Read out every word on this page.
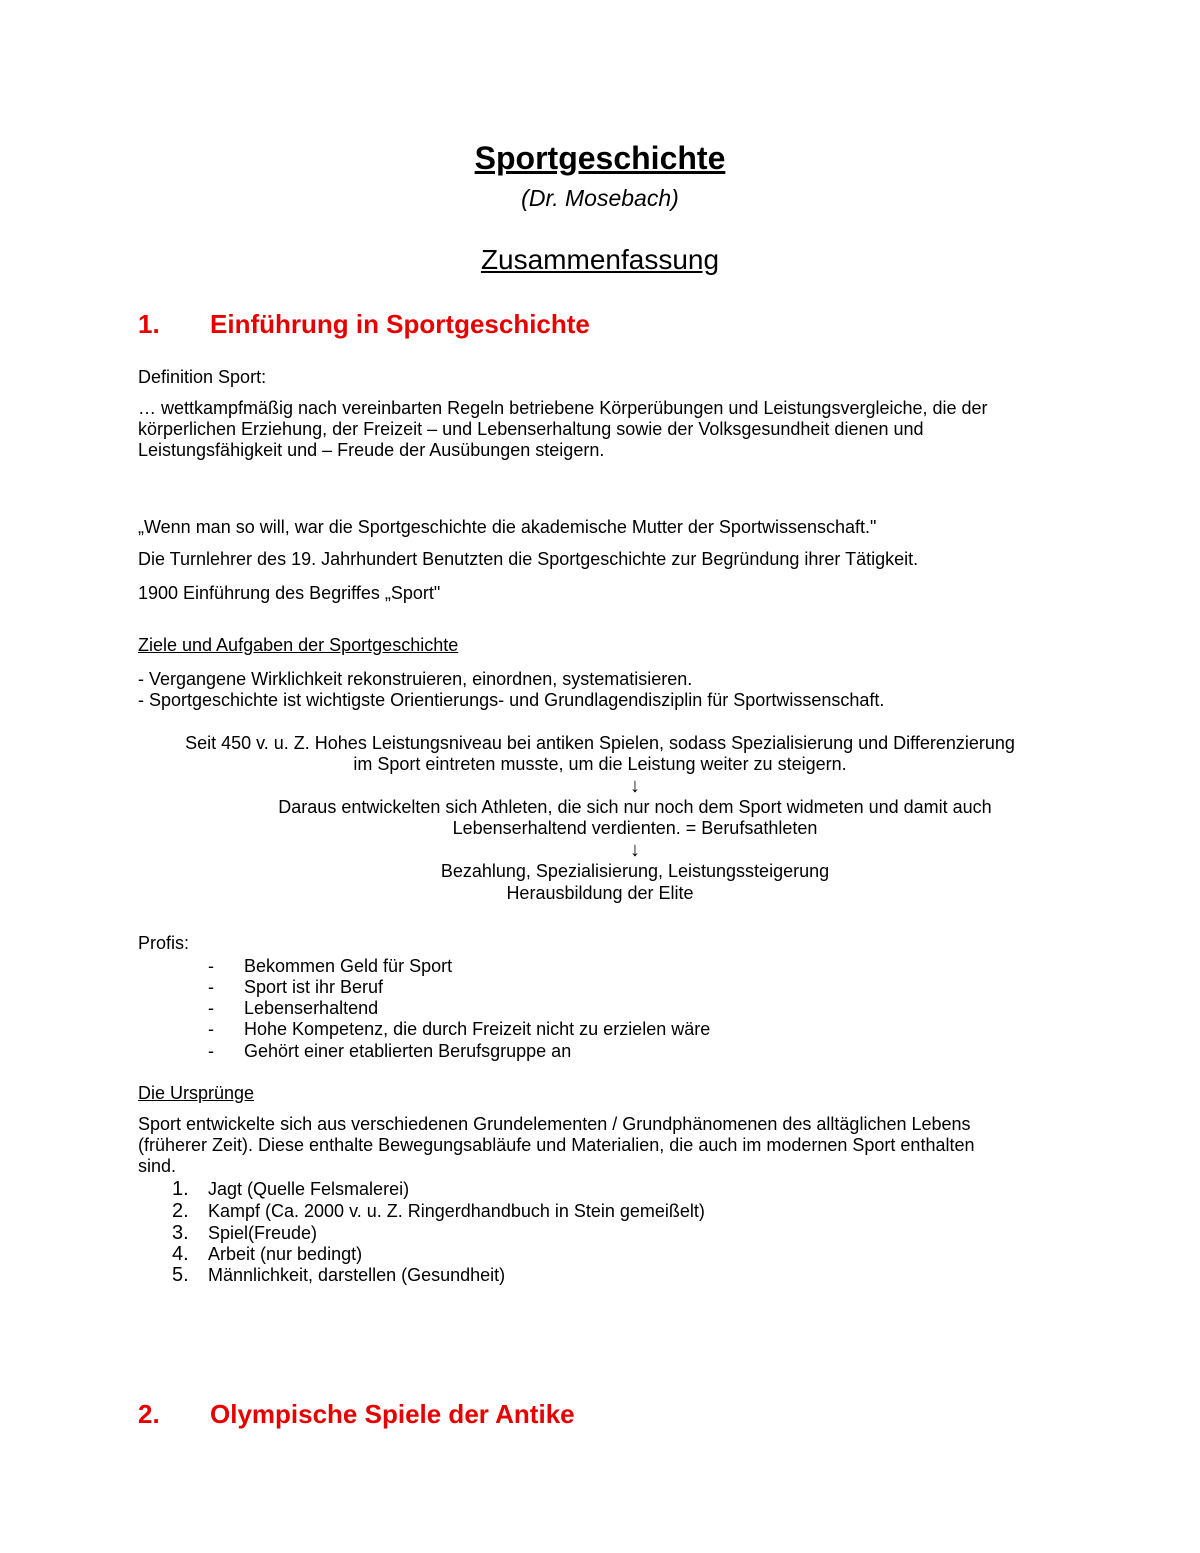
Sportgeschichte
(Dr. Mosebach)
Zusammenfassung
1. Einführung in Sportgeschichte
Definition Sport:
… wettkampfmäßig nach vereinbarten Regeln betriebene Körperübungen und Leistungsvergleiche, die der
körperlichen Erziehung, der Freizeit – und Lebenserhaltung sowie der Volksgesundheit dienen und
Leistungsfähigkeit und – Freude der Ausübungen steigern.
„Wenn man so will, war die Sportgeschichte die akademische Mutter der Sportwissenschaft."
Die Turnlehrer des 19. Jahrhundert Benutzten die Sportgeschichte zur Begründung ihrer Tätigkeit.
1900 Einführung des Begriffes „Sport"
Ziele und Aufgaben der Sportgeschichte
- Vergangene Wirklichkeit rekonstruieren, einordnen, systematisieren.
- Sportgeschichte ist wichtigste Orientierungs- und Grundlagendisziplin für Sportwissenschaft.
Seit 450 v. u. Z. Hohes Leistungsniveau bei antiken Spielen, sodass Spezialisierung und Differenzierung
im Sport eintreten musste, um die Leistung weiter zu steigern.
↓
Daraus entwickelten sich Athleten, die sich nur noch dem Sport widmeten und damit auch
Lebenserhaltend verdienten. = Berufsathleten
↓
Bezahlung, Spezialisierung, Leistungssteigerung
Herausbildung der Elite
Profis:
- Bekommen Geld für Sport
- Sport ist ihr Beruf
- Lebenserhaltend
- Hohe Kompetenz, die durch Freizeit nicht zu erzielen wäre
- Gehört einer etablierten Berufsgruppe an
Die Ursprünge
Sport entwickelte sich aus verschiedenen Grundelementen / Grundphänomenen des alltäglichen Lebens
(früherer Zeit). Diese enthalte Bewegungsabläufe und Materialien, die auch im modernen Sport enthalten
sind.
1. Jagt (Quelle Felsmalerei)
2. Kampf (Ca. 2000 v. u. Z. Ringerdhandbuch in Stein gemeißelt)
3. Spiel(Freude)
4. Arbeit (nur bedingt)
5. Männlichkeit, darstellen (Gesundheit)
2. Olympische Spiele der Antike
